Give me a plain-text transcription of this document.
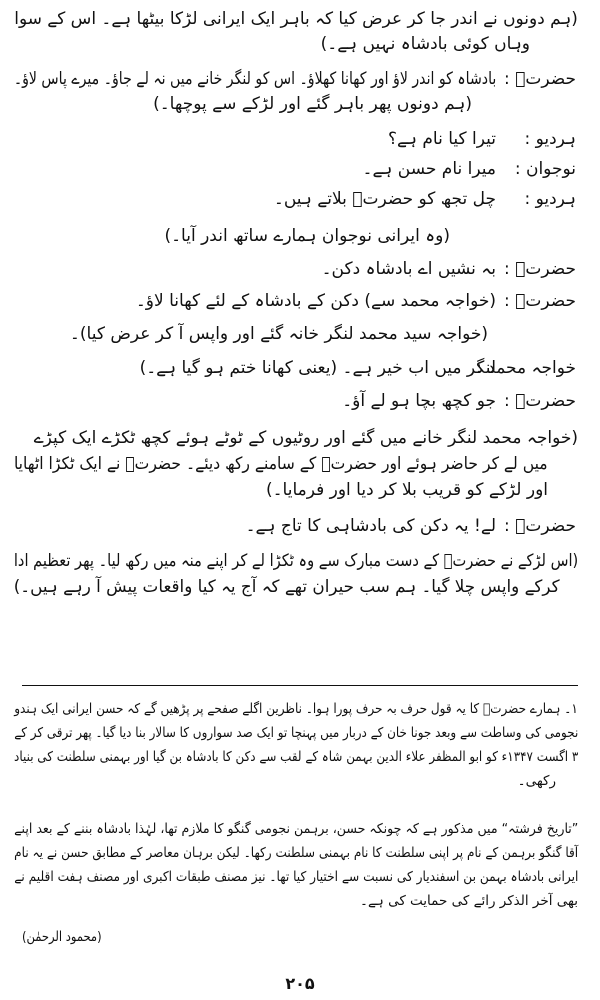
(ہم دونوں نے اندر جا کر عرض کیا کہ باہر ایک ایرانی لڑکا بیٹھا ہے۔ اس کے سوا
وہاں کوئی بادشاہ نہیں ہے۔)
حضرتؒ :
بادشاہ کو اندر لاؤ اور کھانا کھلاؤ۔ اس کو لنگر خانے میں نہ لے جاؤ۔ میرے پاس لاؤ۔
(ہم دونوں پھر باہر گئے اور لڑکے سے پوچھا۔)
ہردیو :
تیرا کیا نام ہے؟
نوجوان :
میرا نام حسن ہے۔
ہردیو :
چل تجھ کو حضرتؒ بلاتے ہیں۔
(وہ ایرانی نوجوان ہمارے ساتھ اندر آیا۔)
حضرتؒ :
بہ نشیں اے بادشاہ دکن۔
حضرتؒ :
(خواجہ محمد سے) دکن کے بادشاہ کے لئے کھانا لاؤ۔
(خواجہ سید محمد لنگر خانہ گئے اور واپس آ کر عرض کیا)۔
خواجہ محمد :
لنگر میں اب خیر ہے۔ (یعنی کھانا ختم ہو گیا ہے۔)
حضرتؒ :
جو کچھ بچا ہو لے آؤ۔
(خواجہ محمد لنگر خانے میں گئے اور روٹیوں کے ٹوٹے ہوئے کچھ ٹکڑے ایک کپڑے
میں لے کر حاضر ہوئے اور حضرتؒ کے سامنے رکھ دیئے۔ حضرتؒ نے ایک ٹکڑا اٹھایا
اور لڑکے کو قریب بلا کر دیا اور فرمایا۔)
حضرتؒ :
لے! یہ دکن کی بادشاہی کا تاج ہے۔
(اس لڑکے نے حضرتؒ کے دست مبارک سے وہ ٹکڑا لے کر اپنے منہ میں رکھ لیا۔ پھر تعظیم ادا
کرکے واپس چلا گیا۔ ہم سب حیران تھے کہ آج یہ کیا واقعات پیش آ رہے ہیں۔)
۱۔ ہمارے حضرتؒ کا یہ قول حرف بہ حرف پورا ہوا۔ ناظرین اگلے صفحے پر پڑھیں گے کہ حسن ایرانی ایک ہندو
نجومی کی وساطت سے وبعد جونا خان کے دربار میں پہنچا تو ایک صد سواروں کا سالار بنا دیا گیا۔ پھر ترقی کر کے
۳ اگست ۱۳۴۷ء کو ابو المظفر علاء الدین بہمن شاہ کے لقب سے دکن کا بادشاہ بن گیا اور بہمنی سلطنت کی بنیاد
رکھی۔
”تاریخ فرشتہ“ میں مذکور ہے کہ چونکہ حسن، برہمن نجومی گنگو کا ملازم تھا، لہٰذا بادشاہ بننے کے بعد اپنے
آقا گنگو برہمن کے نام پر اپنی سلطنت کا نام بہمنی سلطنت رکھا۔ لیکن برہان معاصر کے مطابق حسن نے یہ نام
ایرانی بادشاہ بہمن بن اسفندیار کی نسبت سے اختیار کیا تھا۔ نیز مصنف طبقات اکبری اور مصنف ہفت اقلیم نے
بھی آخر الذکر رائے کی حمایت کی ہے۔
(محمود الرحمٰن)
۲۰۵
